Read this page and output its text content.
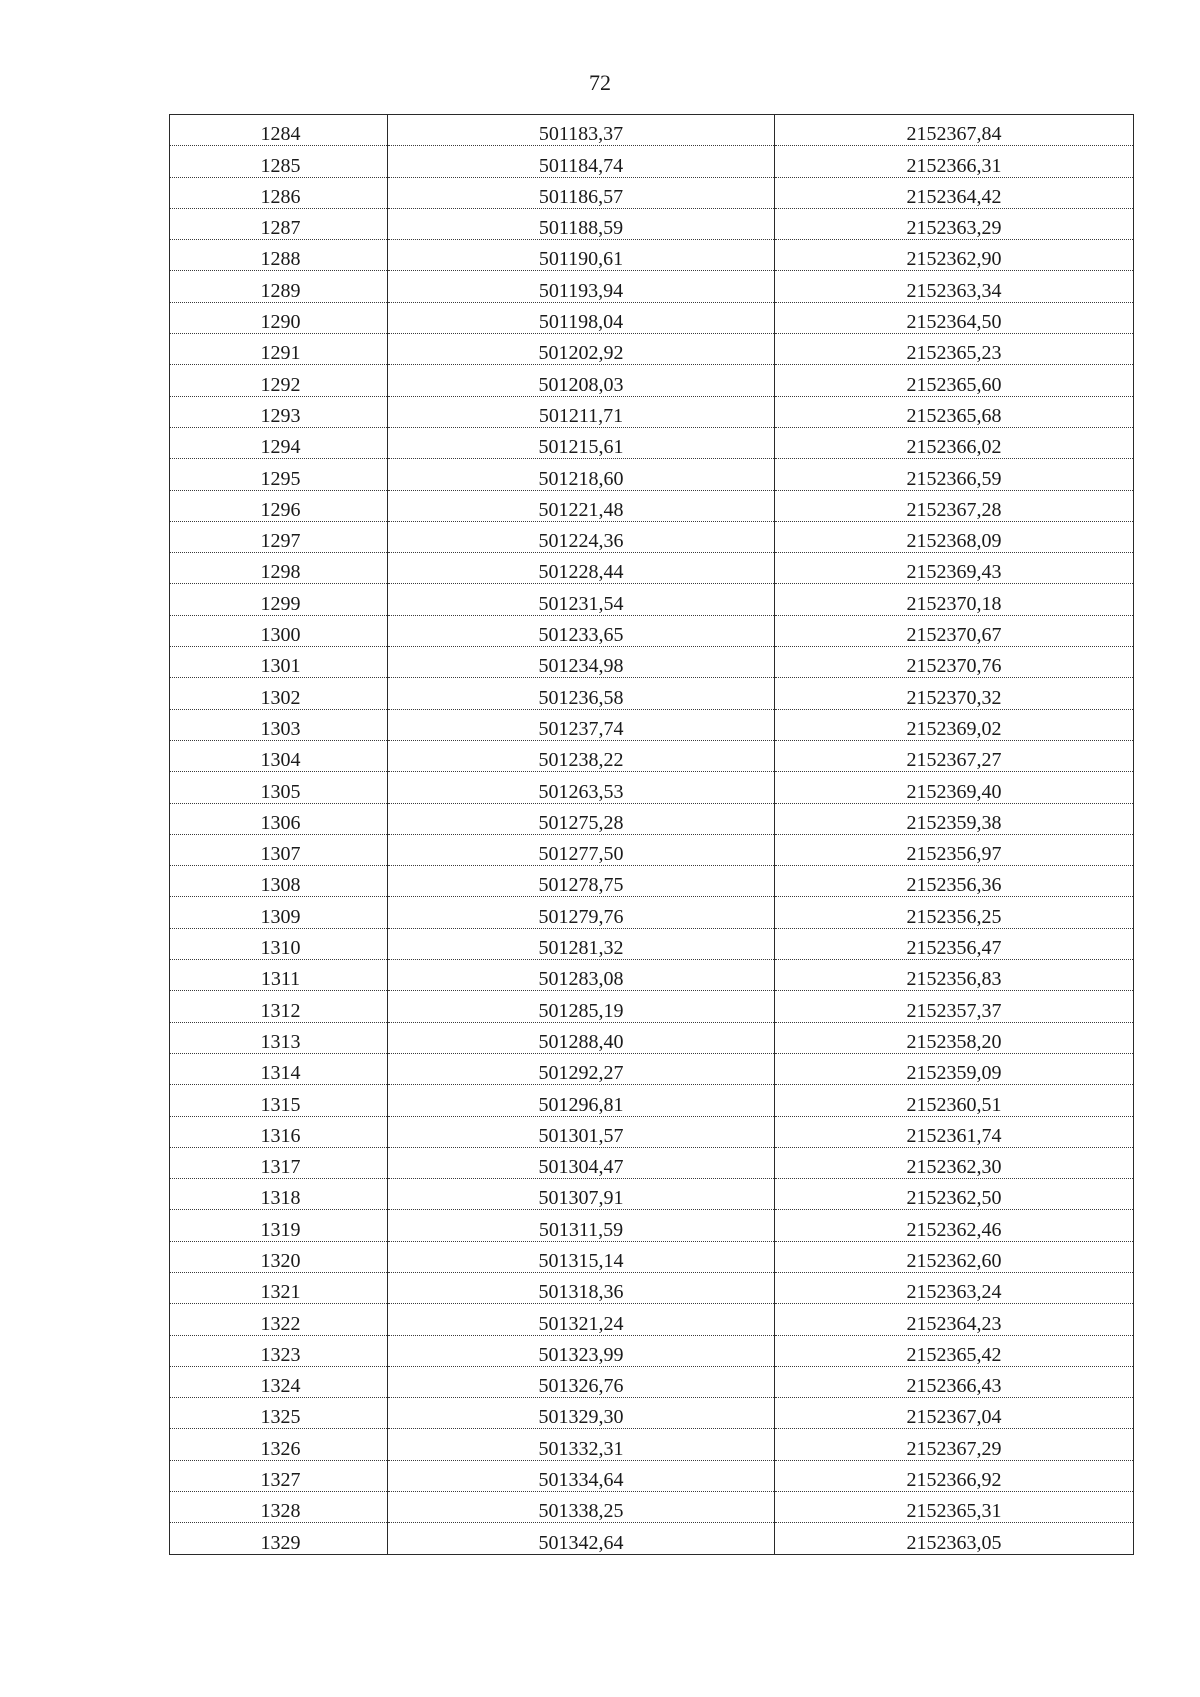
72
1284	501183,37	2152367,84
1285	501184,74	2152366,31
1286	501186,57	2152364,42
1287	501188,59	2152363,29
1288	501190,61	2152362,90
1289	501193,94	2152363,34
1290	501198,04	2152364,50
1291	501202,92	2152365,23
1292	501208,03	2152365,60
1293	501211,71	2152365,68
1294	501215,61	2152366,02
1295	501218,60	2152366,59
1296	501221,48	2152367,28
1297	501224,36	2152368,09
1298	501228,44	2152369,43
1299	501231,54	2152370,18
1300	501233,65	2152370,67
1301	501234,98	2152370,76
1302	501236,58	2152370,32
1303	501237,74	2152369,02
1304	501238,22	2152367,27
1305	501263,53	2152369,40
1306	501275,28	2152359,38
1307	501277,50	2152356,97
1308	501278,75	2152356,36
1309	501279,76	2152356,25
1310	501281,32	2152356,47
1311	501283,08	2152356,83
1312	501285,19	2152357,37
1313	501288,40	2152358,20
1314	501292,27	2152359,09
1315	501296,81	2152360,51
1316	501301,57	2152361,74
1317	501304,47	2152362,30
1318	501307,91	2152362,50
1319	501311,59	2152362,46
1320	501315,14	2152362,60
1321	501318,36	2152363,24
1322	501321,24	2152364,23
1323	501323,99	2152365,42
1324	501326,76	2152366,43
1325	501329,30	2152367,04
1326	501332,31	2152367,29
1327	501334,64	2152366,92
1328	501338,25	2152365,31
1329	501342,64	2152363,05
